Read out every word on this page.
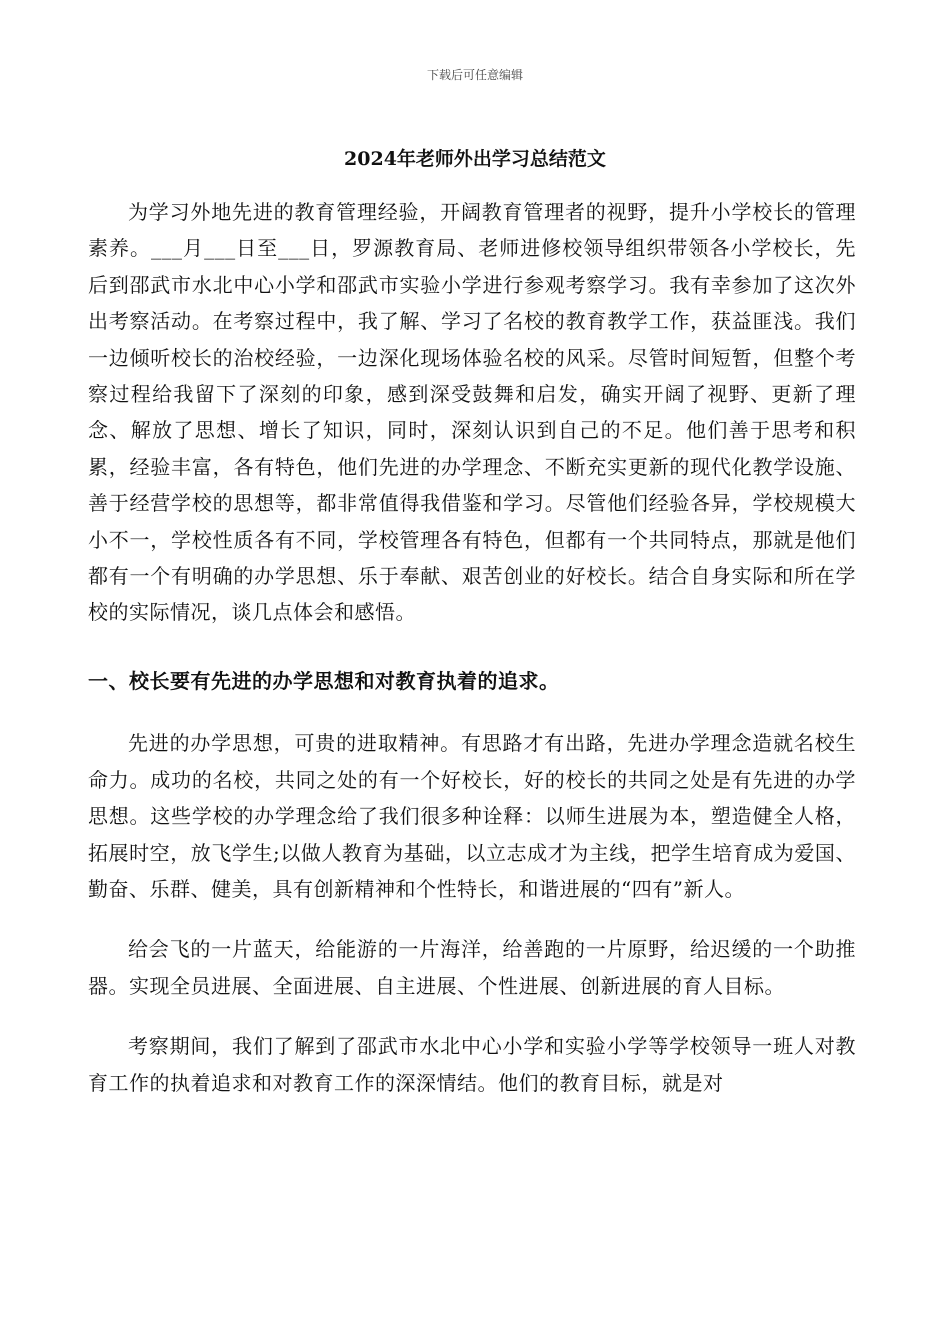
下载后可任意编辑
2024年老师外出学习总结范文

为学习外地先进的教育管理经验，开阔教育管理者的视野，提升小学校长的管理素养。___月___日至___日，罗源教育局、老师进修校领导组织带领各小学校长，先后到邵武市水北中心小学和邵武市实验小学进行参观考察学习。我有幸参加了这次外出考察活动。在考察过程中，我了解、学习了名校的教育教学工作，获益匪浅。我们一边倾听校长的治校经验，一边深化现场体验名校的风采。尽管时间短暂，但整个考察过程给我留下了深刻的印象，感到深受鼓舞和启发，确实开阔了视野、更新了理念、解放了思想、增长了知识，同时，深刻认识到自己的不足。他们善于思考和积累，经验丰富，各有特色，他们先进的办学理念、不断充实更新的现代化教学设施、善于经营学校的思想等，都非常值得我借鉴和学习。尽管他们经验各异，学校规模大小不一，学校性质各有不同，学校管理各有特色，但都有一个共同特点，那就是他们都有一个有明确的办学思想、乐于奉献、艰苦创业的好校长。结合自身实际和所在学校的实际情况，谈几点体会和感悟。

一、校长要有先进的办学思想和对教育执着的追求。

先进的办学思想，可贵的进取精神。有思路才有出路，先进办学理念造就名校生命力。成功的名校，共同之处的有一个好校长，好的校长的共同之处是有先进的办学思想。这些学校的办学理念给了我们很多种诠释：以师生进展为本，塑造健全人格，拓展时空，放飞学生;以做人教育为基础，以立志成才为主线，把学生培育成为爱国、勤奋、乐群、健美，具有创新精神和个性特长，和谐进展的“四有”新人。

给会飞的一片蓝天，给能游的一片海洋，给善跑的一片原野，给迟缓的一个助推器。实现全员进展、全面进展、自主进展、个性进展、创新进展的育人目标。

考察期间，我们了解到了邵武市水北中心小学和实验小学等学校领导一班人对教育工作的执着追求和对教育工作的深深情结。他们的教育目标，就是对
